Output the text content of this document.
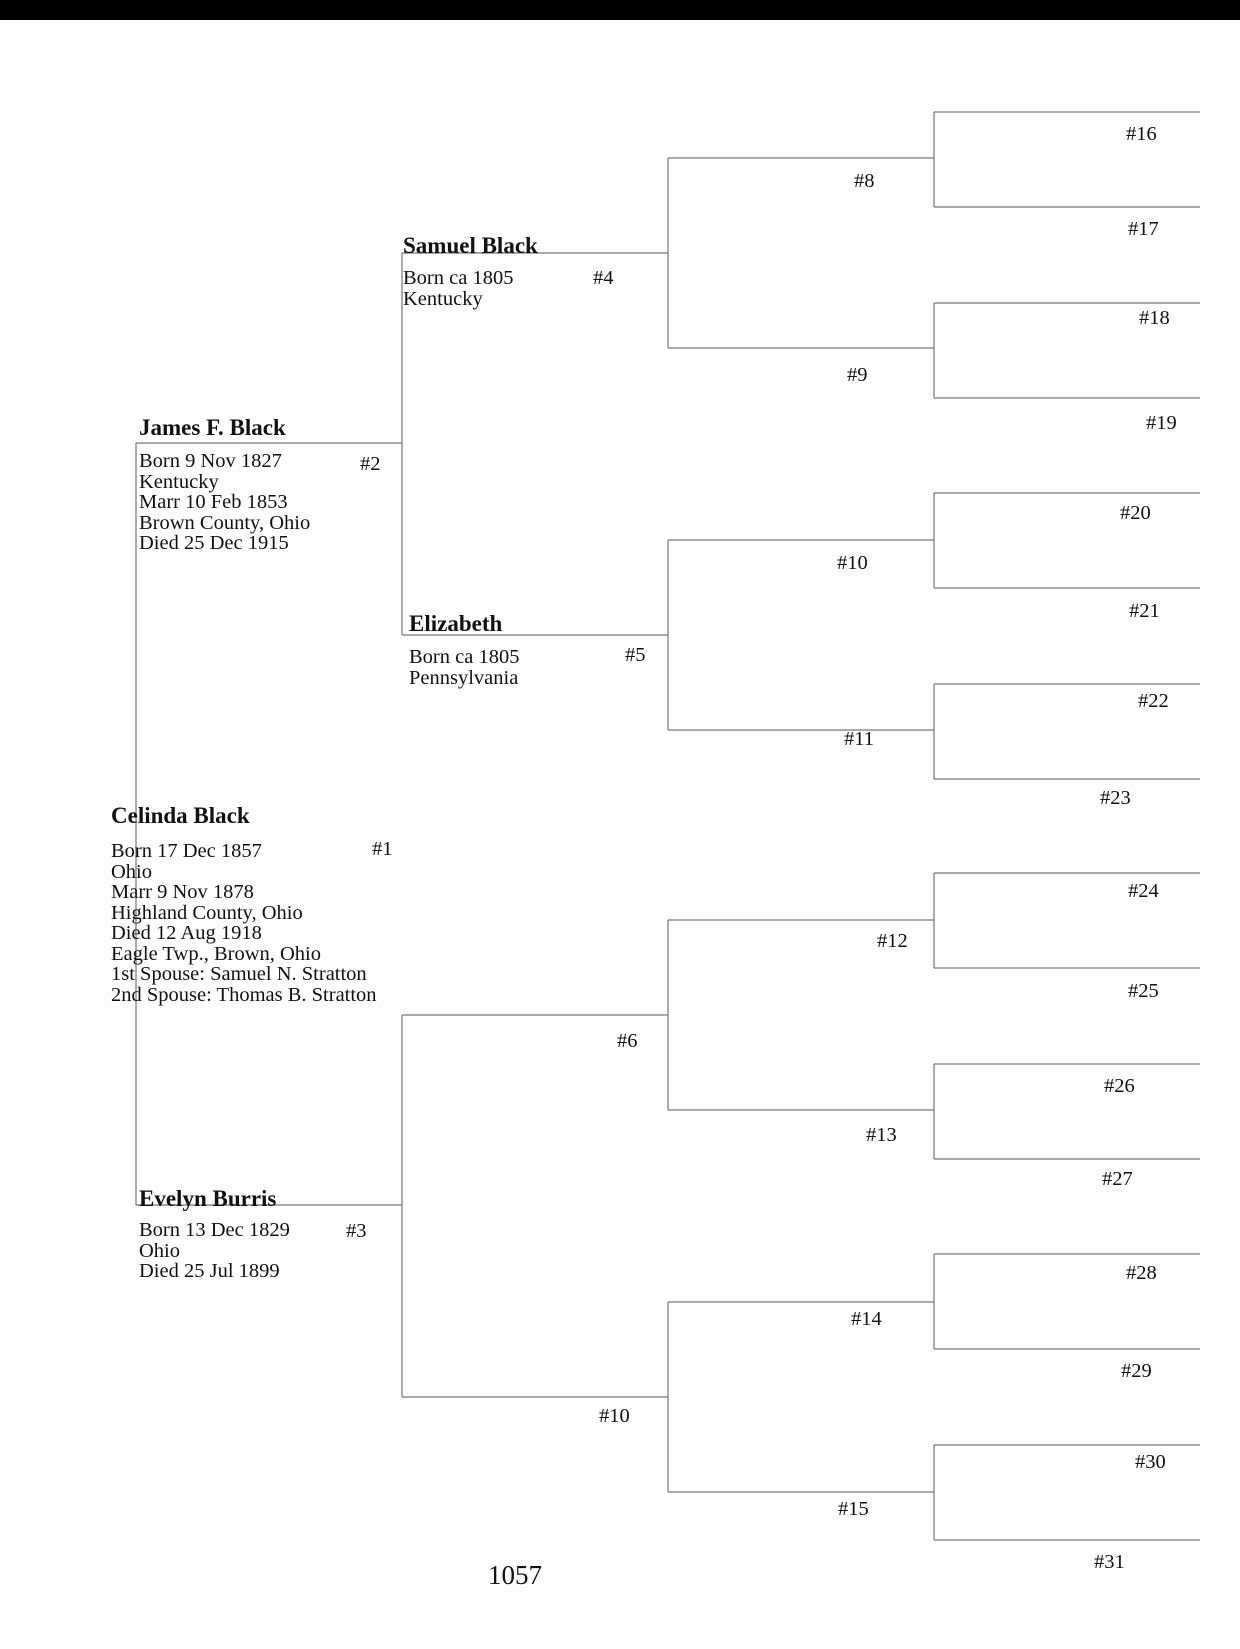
Celinda Black
Born 17 Dec 1857
Ohio
Marr 9 Nov 1878
Highland County, Ohio
Died 12 Aug 1918
Eagle Twp., Brown, Ohio
1st Spouse: Samuel N. Stratton
2nd Spouse: Thomas B. Stratton
#1
James F. Black
Born 9 Nov 1827
Kentucky
Marr 10 Feb 1853
Brown County, Ohio
Died 25 Dec 1915
#2
Evelyn Burris
Born 13 Dec 1829
Ohio
Died 25 Jul 1899
#3
Samuel Black
Born ca 1805
Kentucky
#4
Elizabeth
Born ca 1805
Pennsylvania
#5
#6
#10
#8
#9
#10
#11
#12
#13
#14
#15
#16
#17
#18
#19
#20
#21
#22
#23
#24
#25
#26
#27
#28
#29
#30
#31
1057
